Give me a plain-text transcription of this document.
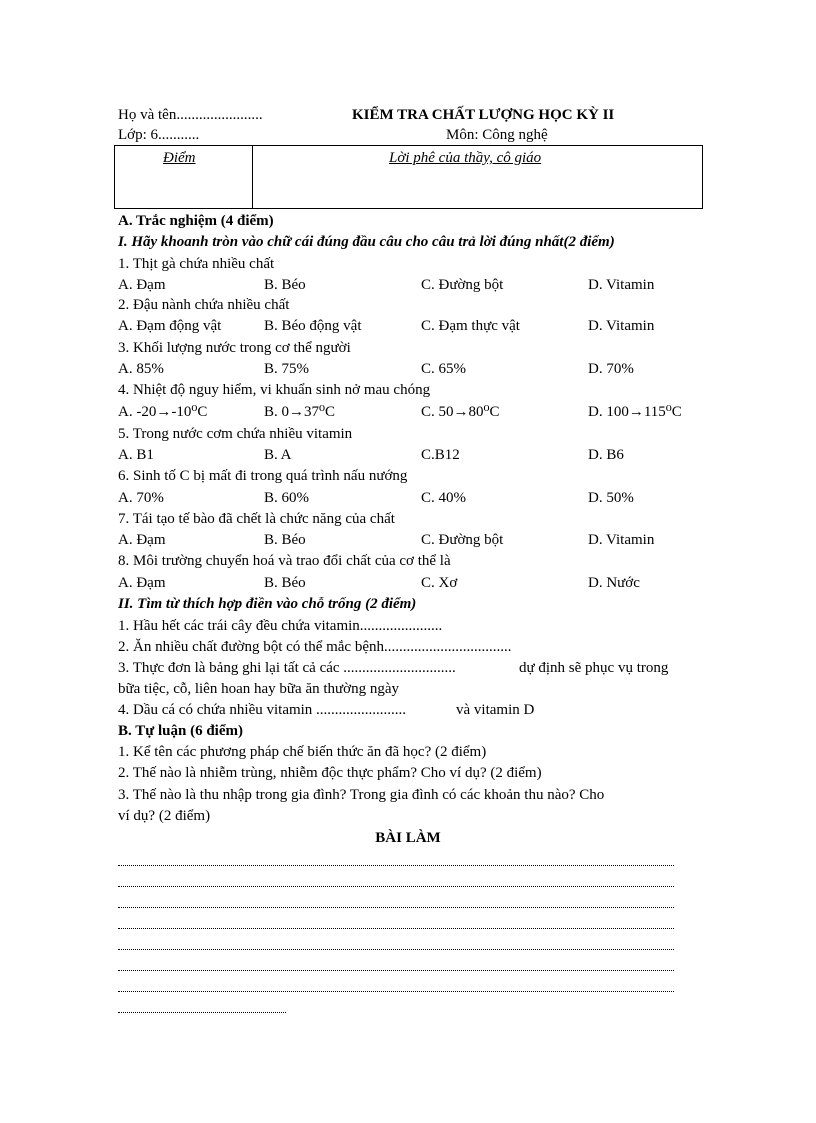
Họ và tên.......................	KIỂM TRA CHẤT LƯỢNG HỌC KỲ II
Lớp: 6...........	Môn: Công nghệ
Điểm	Lời phê của thầy, cô giáo
A. Trắc nghiệm (4 điểm)
I. Hãy khoanh tròn vào chữ cái đúng đầu câu cho câu trả lời đúng nhất(2 điểm)
1. Thịt gà chứa nhiều chất
A. Đạm	B. Béo	C. Đường bột	D. Vitamin
2. Đậu nành chứa nhiều chất
A. Đạm động vật	B. Béo động vật	C. Đạm thực vật	D. Vitamin
3. Khối lượng nước trong cơ thể người
A. 85%	B. 75%	C. 65%	D. 70%
4. Nhiệt độ nguy hiểm, vi khuẩn sinh nở mau chóng
A. -20→-10⁰C	B. 0→37⁰C	C. 50→80⁰C	D. 100→115⁰C
5. Trong nước cơm chứa nhiều vitamin
A. B1	B. A	C.B12	D. B6
6. Sinh tố C bị mất đi trong quá trình nấu nướng
A. 70%	B. 60%	C. 40%	D. 50%
7. Tái tạo tế bào đã chết là chức năng của chất
A. Đạm	B. Béo	C. Đường bột	D. Vitamin
8. Môi trường chuyển hoá và trao đổi chất của cơ thể là
A. Đạm	B. Béo	C. Xơ	D. Nước
II. Tìm từ thích hợp điền vào chỗ trống (2 điểm)
1. Hầu hết các trái cây đều chứa vitamin......................
2. Ăn nhiều chất đường bột có thể mắc bệnh..................................
3. Thực đơn là bảng ghi lại tất cả các ..............................	dự định sẽ phục vụ trong
bữa tiệc, cỗ, liên hoan hay bữa ăn thường ngày
4. Dầu cá có chứa nhiều vitamin ........................	và vitamin D
B. Tự luận (6 điểm)
1. Kể tên các phương pháp chế biến thức ăn đã học? (2 điểm)
2. Thế nào là nhiễm trùng, nhiễm độc thực phẩm? Cho ví dụ? (2 điểm)
3. Thế nào là thu nhập trong gia đình? Trong gia đình có các khoản thu nào? Cho
ví dụ? (2 điểm)
BÀI LÀM
